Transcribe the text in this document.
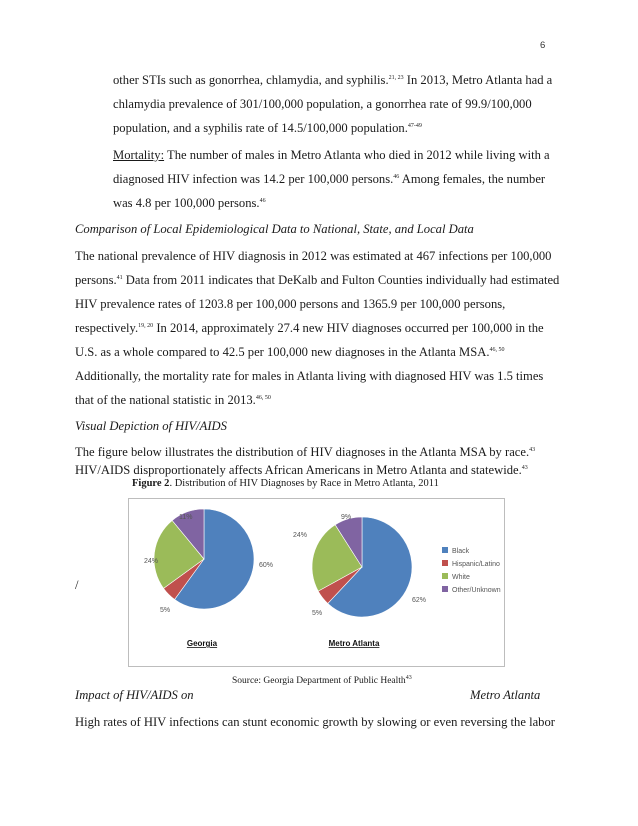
6
other STIs such as gonorrhea, chlamydia, and syphilis.$^{21, 23}$ In 2013, Metro Atlanta had a
chlamydia prevalence of 301/100,000 population, a gonorrhea rate of 99.9/100,000
population, and a syphilis rate of 14.5/100,000 population.$^{47-49}$
Mortality: The number of males in Metro Atlanta who died in 2012 while living with a
diagnosed HIV infection was 14.2 per 100,000 persons.$^{46}$ Among females, the number
was 4.8 per 100,000 persons.$^{46}$
Comparison of Local Epidemiological Data to National, State, and Local Data
The national prevalence of HIV diagnosis in 2012 was estimated at 467 infections per 100,000
persons.$^{41}$ Data from 2011 indicates that DeKalb and Fulton Counties individually had estimated
HIV prevalence rates of 1203.8 per 100,000 persons and 1365.9 per 100,000 persons,
respectively.$^{19, 20}$ In 2014, approximately 27.4 new HIV diagnoses occurred per 100,000 in the
U.S. as a whole compared to 42.5 per 100,000 new diagnoses in the Atlanta MSA.$^{46, 50}$
Additionally, the mortality rate for males in Atlanta living with diagnosed HIV was 1.5 times
that of the national statistic in 2013.$^{46, 50}$
Visual Depiction of HIV/AIDS
The figure below illustrates the distribution of HIV diagnoses in the Atlanta MSA by race.$^{43}$
HIV/AIDS disproportionately affects African Americans in Metro Atlanta and statewide.$^{43}$
Figure 2. Distribution of HIV Diagnoses by Race in Metro Atlanta, 2011
60%
5%
24%
11%
Georgia
62%
5%
24%
9%
Metro Atlanta
Black
Hispanic/Latino
White
Other/Unknown
/
Source: Georgia Department of Public Health$^{43}$
Impact of HIV/AIDS on	Metro Atlanta
High rates of HIV infections can stunt economic growth by slowing or even reversing the labor
